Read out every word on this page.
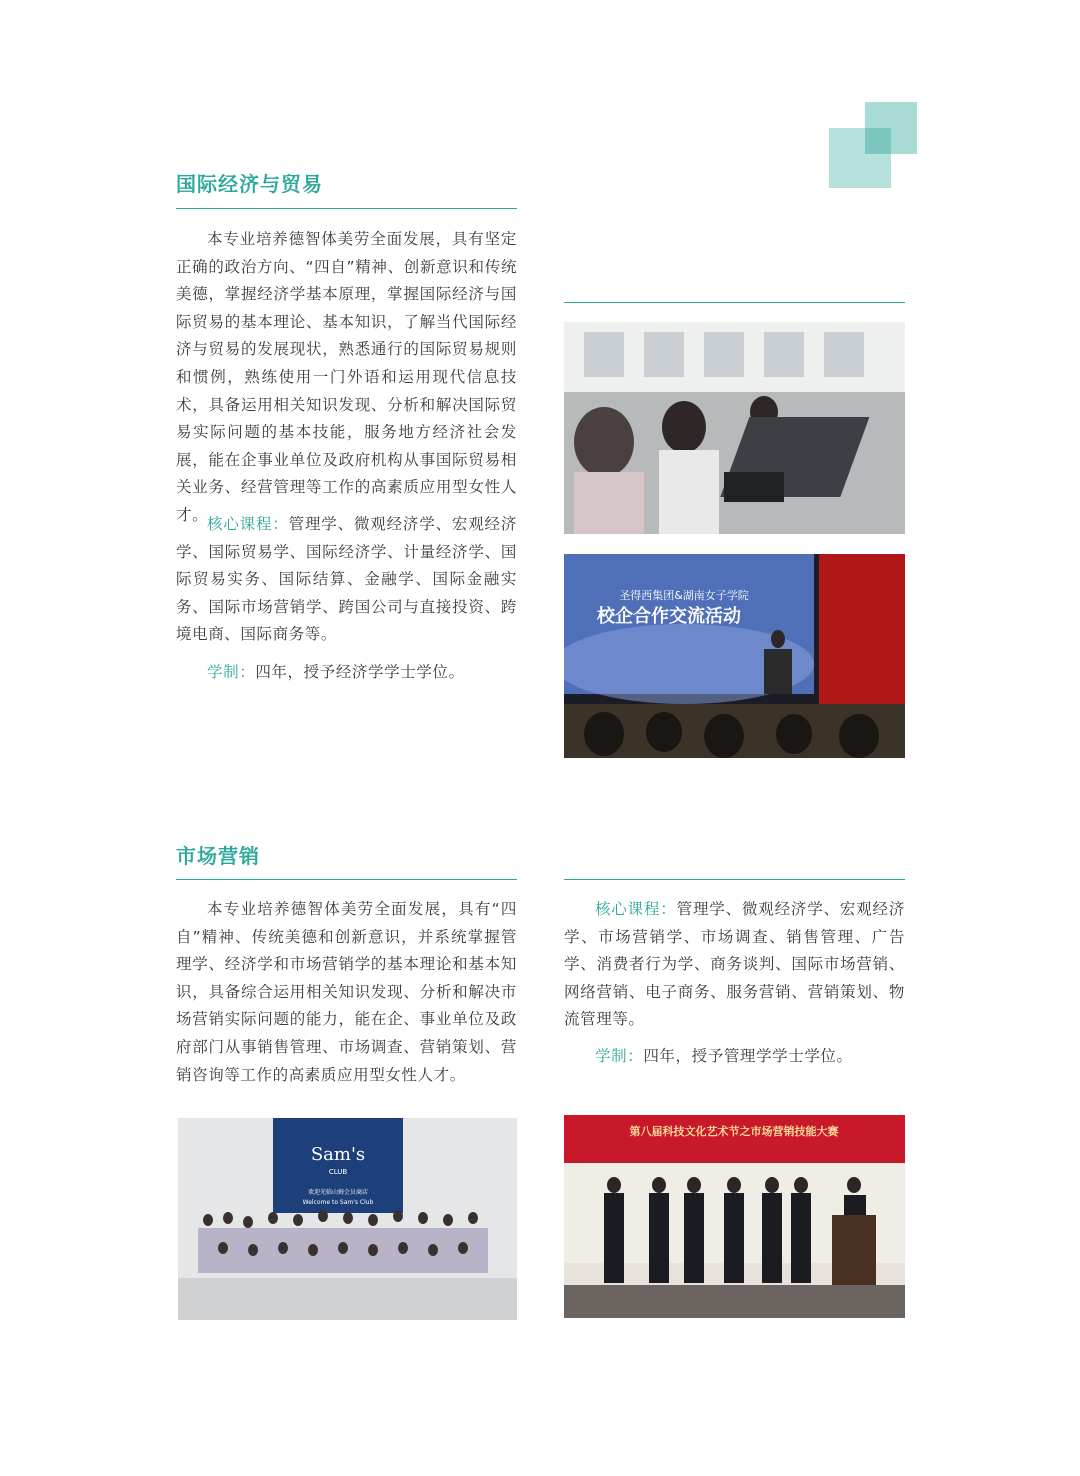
国际经济与贸易

本专业培养德智体美劳全面发展，具有坚定正确的政治方向、“四自”精神、创新意识和传统美德，掌握经济学基本原理，掌握国际经济与国际贸易的基本理论、基本知识，了解当代国际经济与贸易的发展现状，熟悉通行的国际贸易规则和惯例，熟练使用一门外语和运用现代信息技术，具备运用相关知识发现、分析和解决国际贸易实际问题的基本技能，服务地方经济社会发展，能在企事业单位及政府机构从事国际贸易相关业务、经营管理等工作的高素质应用型女性人才。

核心课程：管理学、微观经济学、宏观经济学、国际贸易学、国际经济学、计量经济学、国际贸易实务、国际结算、金融学、国际金融实务、国际市场营销学、跨国公司与直接投资、跨境电商、国际商务等。

学制：四年，授予经济学学士学位。

圣得西集团&湖南女子学院
校企合作交流活动
市场营销

本专业培养德智体美劳全面发展，具有“四自”精神、传统美德和创新意识，并系统掌握管理学、经济学和市场营销学的基本理论和基本知识，具备综合运用相关知识发现、分析和解决市场营销实际问题的能力，能在企、事业单位及政府部门从事销售管理、市场调查、营销策划、营销咨询等工作的高素质应用型女性人才。

核心课程：管理学、微观经济学、宏观经济学、市场营销学、市场调查、销售管理、广告学、消费者行为学、商务谈判、国际市场营销、网络营销、电子商务、服务营销、营销策划、物流管理等。

学制：四年，授予管理学学士学位。

Sam's
CLUB
欢迎光临山姆会员商店
Welcome to Sam's Club
第八届科技文化艺术节之市场营销技能大赛
